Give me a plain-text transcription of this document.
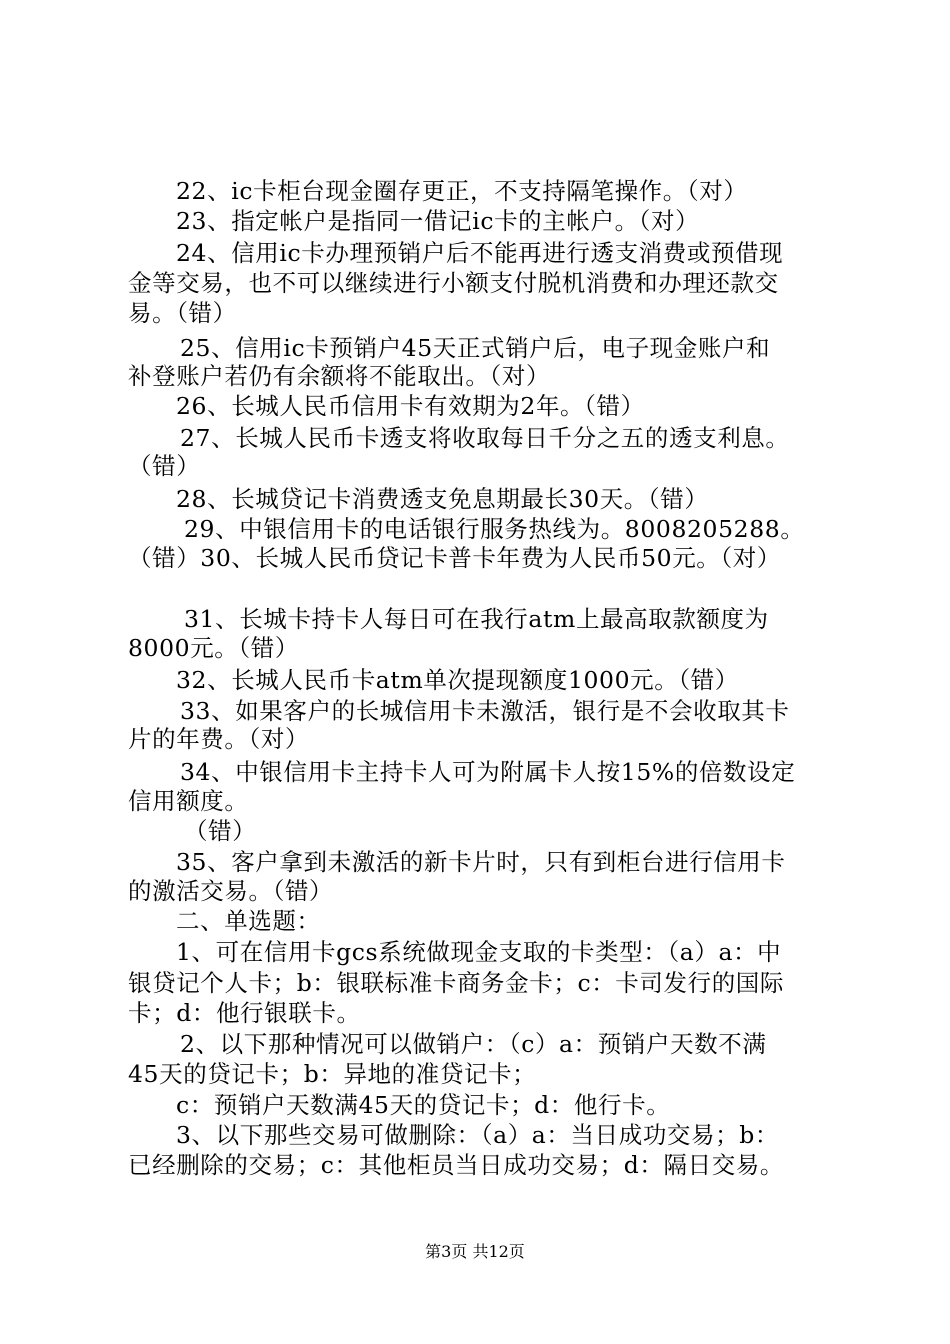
22、ic卡柜台现金圈存更正，不支持隔笔操作。（对）
23、指定帐户是指同一借记ic卡的主帐户。（对）
24、信用ic卡办理预销户后不能再进行透支消费或预借现
金等交易，也不可以继续进行小额支付脱机消费和办理还款交
易。（错）
25、信用ic卡预销户45天正式销户后，电子现金账户和
补登账户若仍有余额将不能取出。（对）
26、长城人民币信用卡有效期为2年。（错）
27、长城人民币卡透支将收取每日千分之五的透支利息。
（错）
28、长城贷记卡消费透支免息期最长30天。（错）
29、中银信用卡的电话银行服务热线为。8008205288。
（错）30、长城人民币贷记卡普卡年费为人民币50元。（对）
31、长城卡持卡人每日可在我行atm上最高取款额度为
8000元。（错）
32、长城人民币卡atm单次提现额度1000元。（错）
33、如果客户的长城信用卡未激活，银行是不会收取其卡
片的年费。（对）
34、中银信用卡主持卡人可为附属卡人按15%的倍数设定
信用额度。
（错）
35、客户拿到未激活的新卡片时，只有到柜台进行信用卡
的激活交易。（错）
二、单选题：
1、可在信用卡gcs系统做现金支取的卡类型：（a）a：中
银贷记个人卡；b：银联标准卡商务金卡；c：卡司发行的国际
卡；d：他行银联卡。
2、以下那种情况可以做销户：（c）a：预销户天数不满
45天的贷记卡；b：异地的准贷记卡；
c：预销户天数满45天的贷记卡；d：他行卡。
3、以下那些交易可做删除：（a）a：当日成功交易；b：
已经删除的交易；c：其他柜员当日成功交易；d：隔日交易。
第3页 共12页
